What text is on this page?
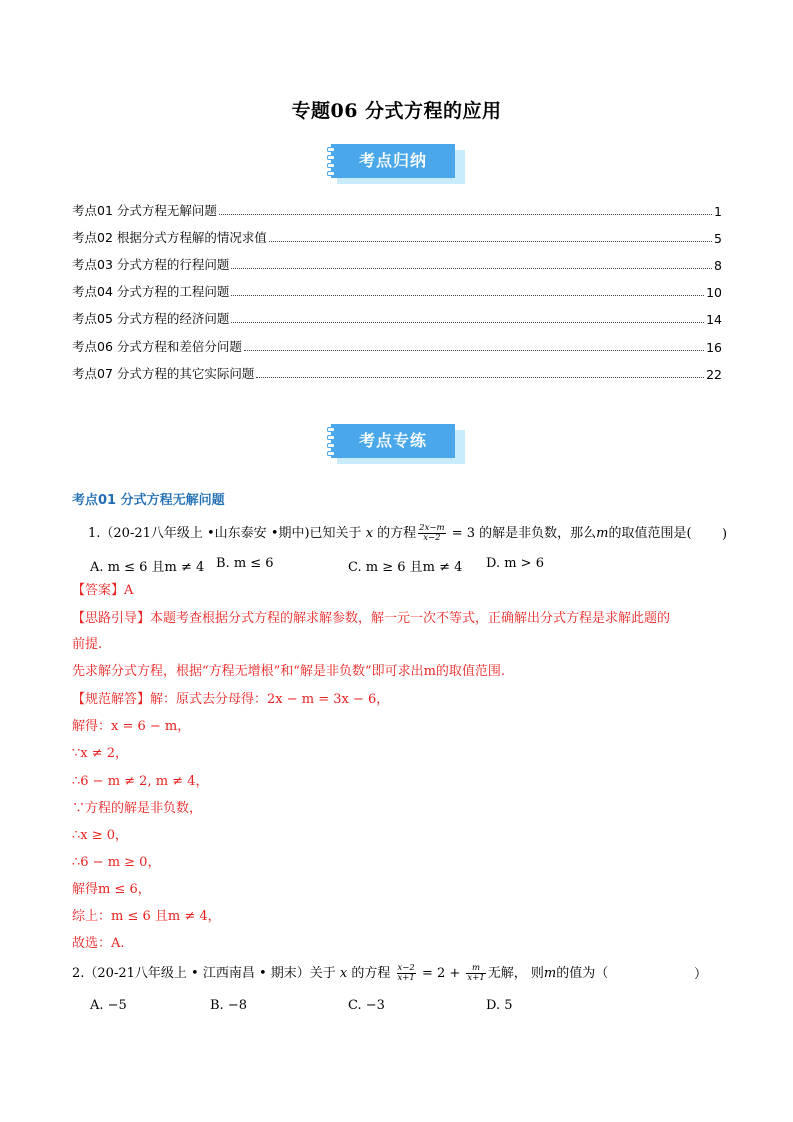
专题06 分式方程的应用
考点归纳
考点01 分式方程无解问题	1
考点02 根据分式方程解的情况求值	5
考点03 分式方程的行程问题	8
考点04 分式方程的工程问题	10
考点05 分式方程的经济问题	14
考点06 分式方程和差倍分问题	16
考点07 分式方程的其它实际问题	22
考点专练
考点01 分式方程无解问题
1.（20-21八年级上 •山东泰安 •期中)已知关于 x 的方程 $\frac{2x-m}{x-2} = 3$ 的解是非负数，那么m的取值范围是( )
A. m ≤ 6 且m ≠ 4 B. m ≤ 6	C. m ≥ 6 且m ≠ 4 D. m > 6
【答案】A
【思路引导】本题考查根据分式方程的解求解参数，解一元一次不等式，正确解出分式方程是求解此题的
前提.
先求解分式方程，根据“方程无增根”和“解是非负数”即可求出m的取值范围.
【规范解答】解：原式去分母得：2x − m = 3x − 6，
解得：x = 6 − m，
∵x ≠ 2，
∴6 − m ≠ 2, m ≠ 4，
∵方程的解是非负数，
∴x ≥ 0，
∴6 − m ≥ 0，
解得m ≤ 6，
综上：m ≤ 6 且m ≠ 4，
故选：A.
2.（20-21八年级上 • 江西南昌 • 期末）关于 x 的方程 $\frac{x-2}{x+1} = 2 + \frac{m}{x+1}$ 无解， 则m的值为（	）
A. −5	B. −8	C. −3	D. 5
